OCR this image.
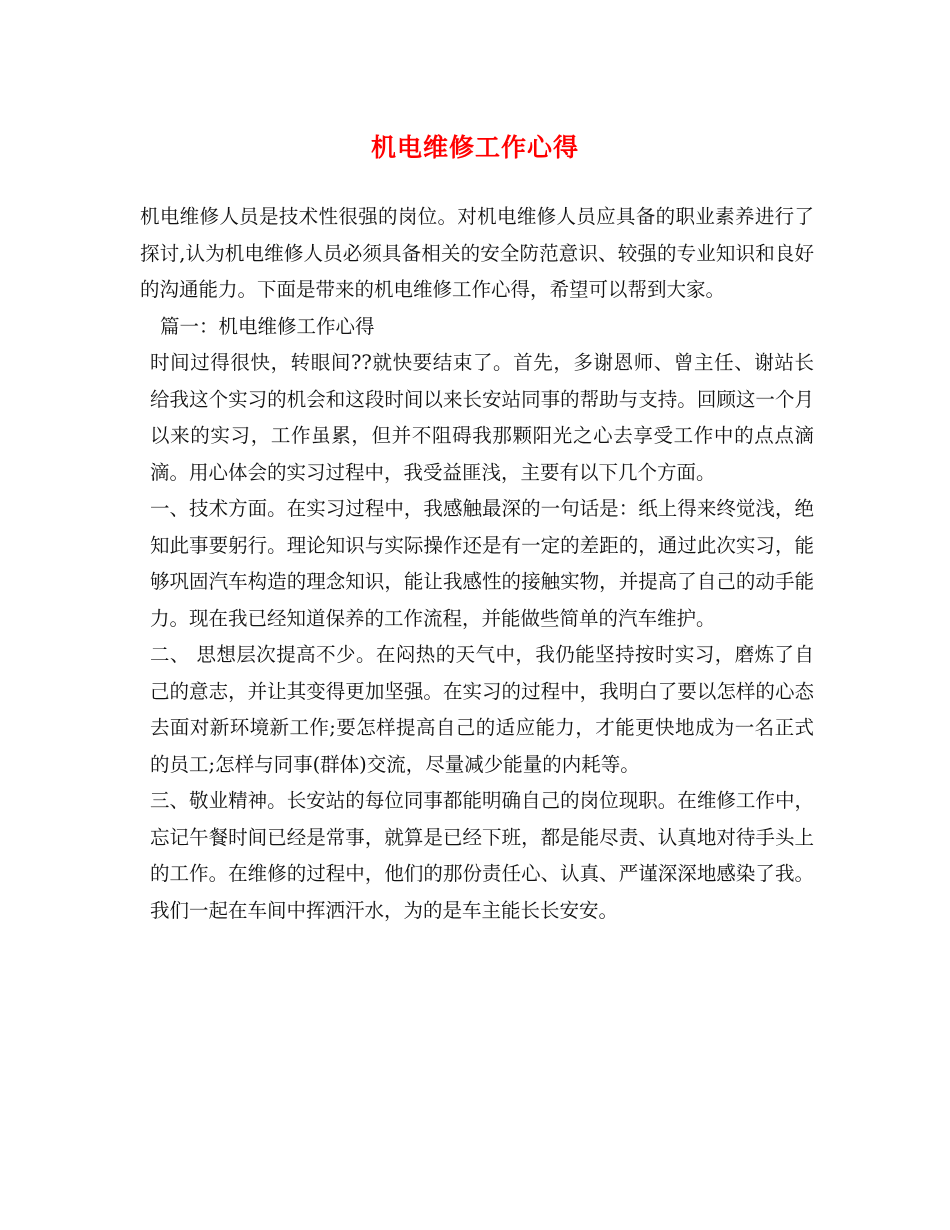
机电维修工作心得

机电维修人员是技术性很强的岗位。对机电维修人员应具备的职业素养进行了探讨,认为机电维修人员必须具备相关的安全防范意识、较强的专业知识和良好的沟通能力。下面是带来的机电维修工作心得，希望可以帮到大家。

篇一：机电维修工作心得

时间过得很快，转眼间??就快要结束了。首先，多谢恩师、曾主任、谢站长给我这个实习的机会和这段时间以来长安站同事的帮助与支持。回顾这一个月以来的实习，工作虽累，但并不阻碍我那颗阳光之心去享受工作中的点点滴滴。用心体会的实习过程中，我受益匪浅，主要有以下几个方面。

一、技术方面。在实习过程中，我感触最深的一句话是：纸上得来终觉浅，绝知此事要躬行。理论知识与实际操作还是有一定的差距的，通过此次实习，能够巩固汽车构造的理念知识，能让我感性的接触实物，并提高了自己的动手能力。现在我已经知道保养的工作流程，并能做些简单的汽车维护。

二、 思想层次提高不少。在闷热的天气中，我仍能坚持按时实习，磨炼了自己的意志，并让其变得更加坚强。在实习的过程中，我明白了要以怎样的心态去面对新环境新工作;要怎样提高自己的适应能力，才能更快地成为一名正式的员工;怎样与同事(群体)交流，尽量减少能量的内耗等。

三、敬业精神。长安站的每位同事都能明确自己的岗位现职。在维修工作中，忘记午餐时间已经是常事，就算是已经下班，都是能尽责、认真地对待手头上的工作。在维修的过程中，他们的那份责任心、认真、严谨深深地感染了我。我们一起在车间中挥洒汗水，为的是车主能长长安安。
